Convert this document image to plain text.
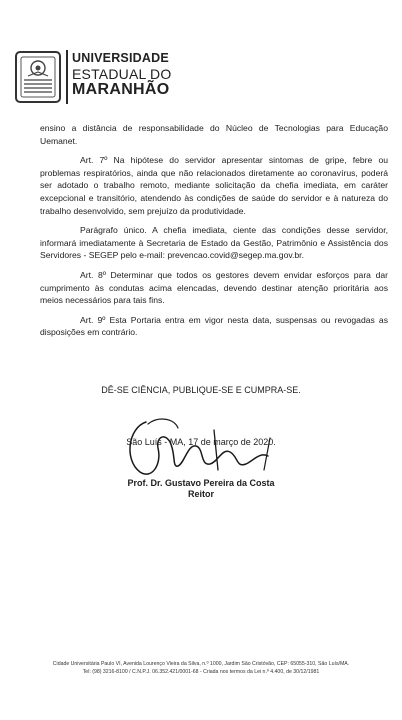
UNIVERSIDADE
ESTADUAL DO
MARANHÃO

ensino a distância de responsabilidade do Núcleo de Tecnologias para Educação Uemanet.

Art. 7º Na hipótese do servidor apresentar sintomas de gripe, febre ou problemas respiratórios, ainda que não relacionados diretamente ao coronavírus, poderá ser adotado o trabalho remoto, mediante solicitação da chefia imediata, em caráter excepcional e transitório, atendendo às condições de saúde do servidor e à natureza do trabalho desenvolvido, sem prejuízo da produtividade.

Parágrafo único. A chefia imediata, ciente das condições desse servidor, informará imediatamente à Secretaria de Estado da Gestão, Patrimônio e Assistência dos Servidores - SEGEP pelo e-mail: prevencao.covid@segep.ma.gov.br.

Art. 8º Determinar que todos os gestores devem envidar esforços para dar cumprimento às condutas acima elencadas, devendo destinar atenção prioritária aos meios necessários para tais fins.

Art. 9º Esta Portaria entra em vigor nesta data, suspensas ou revogadas as disposições em contrário.

DÊ-SE CIÊNCIA, PUBLIQUE-SE E CUMPRA-SE.
São Luís - MA, 17 de março de 2020.
Prof. Dr. Gustavo Pereira da Costa
Reitor
Cidade Universitária Paulo VI, Avenida Lourenço Vieira da Silva, n.º 1000, Jardim São Cristóvão, CEP: 65055-310, São Luís/MA.
Tel: (98) 3216-8100 / C.N.P.J. 06.352.421/0001-68 - Criada nos termos da Lei n.º 4.400, de 30/12/1981
